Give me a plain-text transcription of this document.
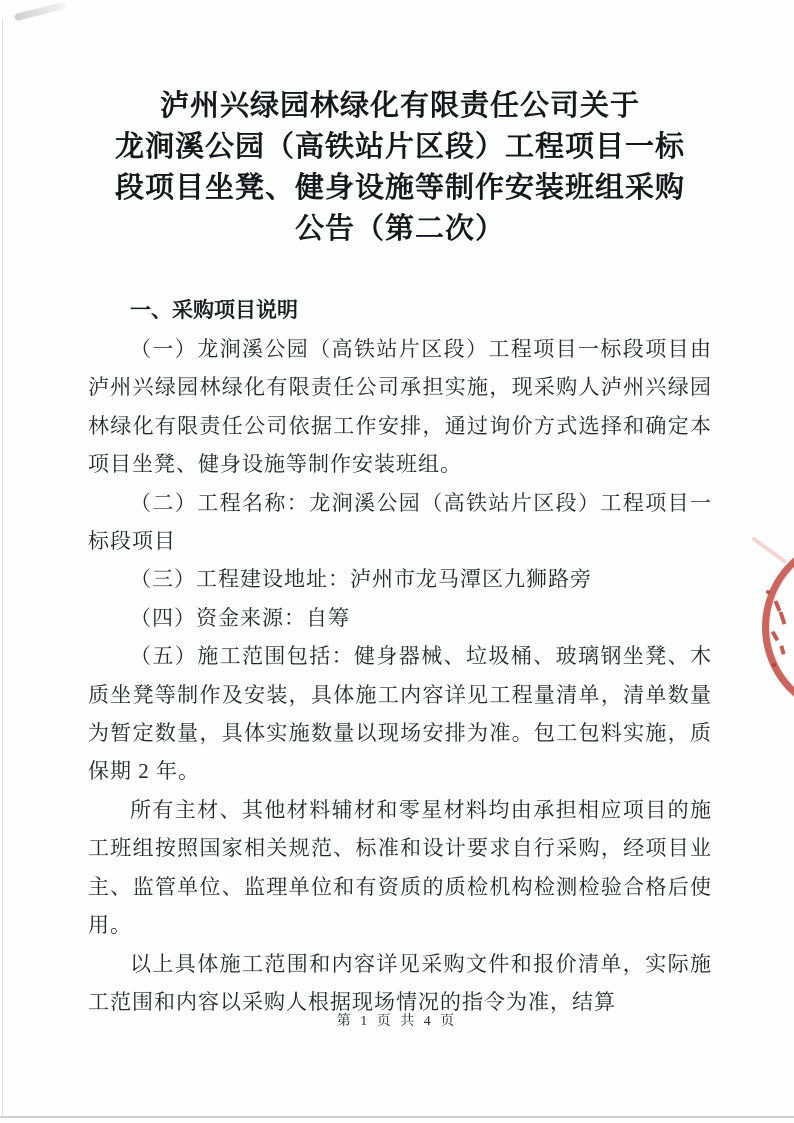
泸州兴绿园林绿化有限责任公司关于
龙涧溪公园（高铁站片区段）工程项目一标
段项目坐凳、健身设施等制作安装班组采购
公告（第二次）
一、采购项目说明

（一）龙涧溪公园（高铁站片区段）工程项目一标段项目由泸州兴绿园林绿化有限责任公司承担实施，现采购人泸州兴绿园林绿化有限责任公司依据工作安排，通过询价方式选择和确定本项目坐凳、健身设施等制作安装班组。

（二）工程名称：龙涧溪公园（高铁站片区段）工程项目一标段项目

（三）工程建设地址：泸州市龙马潭区九狮路旁

（四）资金来源：自筹

（五）施工范围包括：健身器械、垃圾桶、玻璃钢坐凳、木质坐凳等制作及安装，具体施工内容详见工程量清单，清单数量为暂定数量，具体实施数量以现场安排为准。包工包料实施，质保期 2 年。

所有主材、其他材料辅材和零星材料均由承担相应项目的施工班组按照国家相关规范、标准和设计要求自行采购，经项目业主、监管单位、监理单位和有资质的质检机构检测检验合格后使用。

以上具体施工范围和内容详见采购文件和报价清单，实际施工范围和内容以采购人根据现场情况的指令为准，结算

第 1 页 共 4 页
